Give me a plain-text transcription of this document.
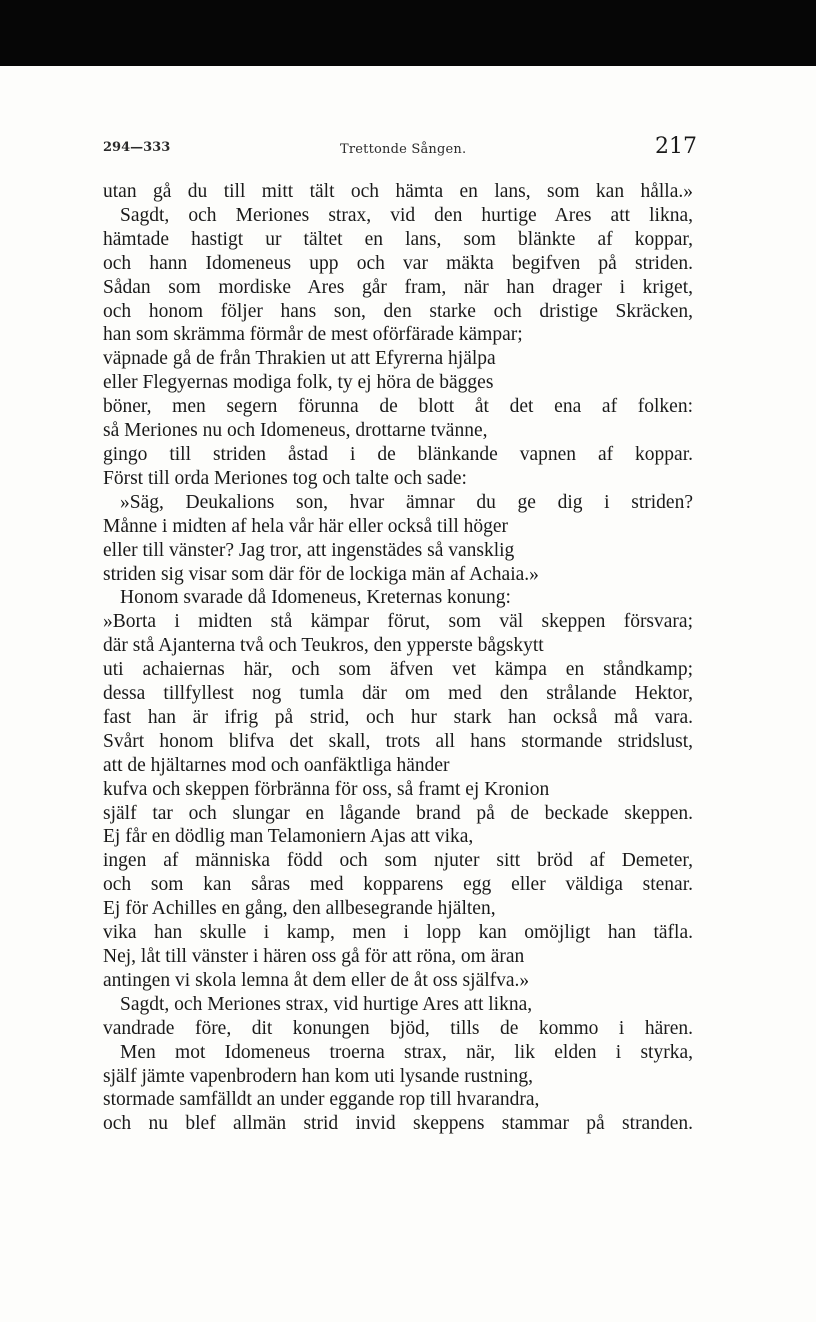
294—333	Trettonde Sången.	217
utan gå du till mitt tält och hämta en lans, som kan hålla.»
Sagdt, och Meriones strax, vid den hurtige Ares att likna,
hämtade hastigt ur tältet en lans, som blänkte af koppar,
och hann Idomeneus upp och var mäkta begifven på striden.
Sådan som mordiske Ares går fram, när han drager i kriget,
och honom följer hans son, den starke och dristige Skräcken,
han som skrämma förmår de mest oförfärade kämpar;
väpnade gå de från Thrakien ut att Efyrerna hjälpa
eller Flegyernas modiga folk, ty ej höra de bägges
böner, men segern förunna de blott åt det ena af folken:
så Meriones nu och Idomeneus, drottarne tvänne,
gingo till striden åstad i de blänkande vapnen af koppar.
Först till orda Meriones tog och talte och sade:
»Säg, Deukalions son, hvar ämnar du ge dig i striden?
Månne i midten af hela vår här eller också till höger
eller till vänster? Jag tror, att ingenstädes så vansklig
striden sig visar som där för de lockiga män af Achaia.»
Honom svarade då Idomeneus, Kreternas konung:
»Borta i midten stå kämpar förut, som väl skeppen försvara;
där stå Ajanterna två och Teukros, den ypperste bågskytt
uti achaiernas här, och som äfven vet kämpa en ståndkamp;
dessa tillfyllest nog tumla där om med den strålande Hektor,
fast han är ifrig på strid, och hur stark han också må vara.
Svårt honom blifva det skall, trots all hans stormande stridslust,
att de hjältarnes mod och oanfäktliga händer
kufva och skeppen förbränna för oss, så framt ej Kronion
själf tar och slungar en lågande brand på de beckade skeppen.
Ej får en dödlig man Telamoniern Ajas att vika,
ingen af människa född och som njuter sitt bröd af Demeter,
och som kan såras med kopparens egg eller väldiga stenar.
Ej för Achilles en gång, den allbesegrande hjälten,
vika han skulle i kamp, men i lopp kan omöjligt han täfla.
Nej, låt till vänster i hären oss gå för att röna, om äran
antingen vi skola lemna åt dem eller de åt oss själfva.»
Sagdt, och Meriones strax, vid hurtige Ares att likna,
vandrade före, dit konungen bjöd, tills de kommo i hären.
Men mot Idomeneus troerna strax, när, lik elden i styrka,
själf jämte vapenbrodern han kom uti lysande rustning,
stormade samfälldt an under eggande rop till hvarandra,
och nu blef allmän strid invid skeppens stammar på stranden.
